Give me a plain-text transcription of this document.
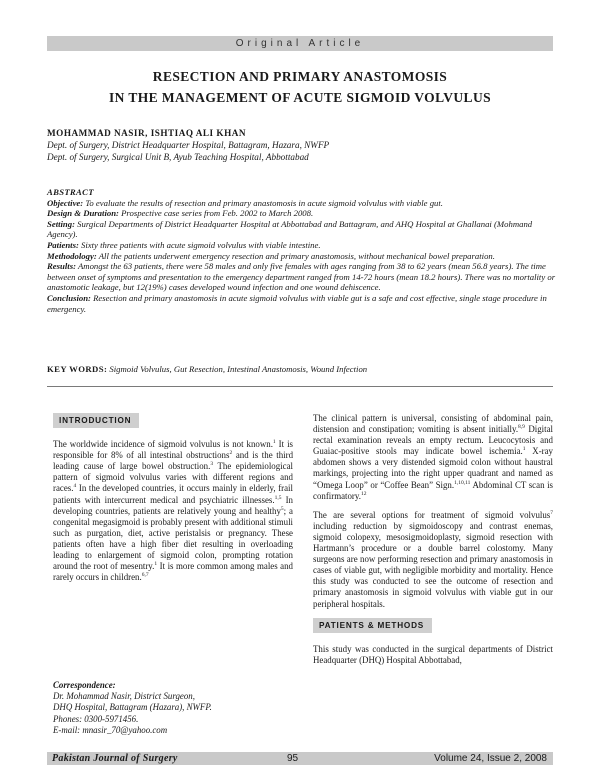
Original Article
RESECTION AND PRIMARY ANASTOMOSIS
IN THE MANAGEMENT OF ACUTE SIGMOID VOLVULUS
MOHAMMAD NASIR, ISHTIAQ ALI KHAN
Dept. of Surgery, District Headquarter Hospital, Battagram, Hazara, NWFP
Dept. of Surgery, Surgical Unit B, Ayub Teaching Hospital, Abbottabad
ABSTRACT
Objective: To evaluate the results of resection and primary anastomosis in acute sigmoid volvulus with viable gut.
Design & Duration: Prospective case series from Feb. 2002 to March 2008.
Setting: Surgical Departments of District Headquarter Hospital at Abbottabad and Battagram, and AHQ Hospital at Ghallanai (Mohmand Agency).
Patients: Sixty three patients with acute sigmoid volvulus with viable intestine.
Methodology: All the patients underwent emergency resection and primary anastomosis, without mechanical bowel preparation.
Results: Amongst the 63 patients, there were 58 males and only five females with ages ranging from 38 to 62 years (mean 56.8 years). The time between onset of symptoms and presentation to the emergency department ranged from 14-72 hours (mean 18.2 hours). There was no mortality or anastomotic leakage, but 12(19%) cases developed wound infection and one wound dehiscence.
Conclusion: Resection and primary anastomosis in acute sigmoid volvulus with viable gut is a safe and cost effective, single stage procedure in emergency.
KEY WORDS: Sigmoid Volvulus, Gut Resection, Intestinal Anastomosis, Wound Infection
INTRODUCTION

The worldwide incidence of sigmoid volvulus is not known.$^1$ It is responsible for 8% of all intestinal obstructions$^2$ and is the third leading cause of large bowel obstruction.$^3$ The epidemiological pattern of sigmoid volvulus varies with different regions and races.$^4$ In the developed countries, it occurs mainly in elderly, frail patients with intercurrent medical and psychiatric illnesses.$^{1,5}$ In developing countries, patients are relatively young and healthy$^5$; a congenital megasigmoid is probably present with additional stimuli such as purgation, diet, active peristalsis or pregnancy. These patients often have a high fiber diet resulting in overloading leading to enlargement of sigmoid colon, prompting rotation around the root of mesentry.$^1$ It is more common among males and rarely occurs in children.$^{6,7}$

Correspondence:
Dr. Mohammad Nasir, District Surgeon,
DHQ Hospital, Battagram (Hazara), NWFP.
Phones: 0300-5971456.
E-mail: mnasir_70@yahoo.com

The clinical pattern is universal, consisting of abdominal pain, distension and constipation; vomiting is absent initially.$^{8,9}$ Digital rectal examination reveals an empty rectum. Leucocytosis and Guaiac-positive stools may indicate bowel ischemia.$^1$ X-ray abdomen shows a very distended sigmoid colon without haustral markings, projecting into the right upper quadrant and named as “Omega Loop” or “Coffee Bean” Sign.$^{1,10,11}$ Abdominal CT scan is confirmatory.$^{12}$

The are several options for treatment of sigmoid volvulus$^7$ including reduction by sigmoidoscopy and contrast enemas, sigmoid colopexy, mesosigmoidoplasty, sigmoid resection with Hartmann’s procedure or a double barrel colostomy. Many surgeons are now performing resection and primary anastomosis in cases of viable gut, with negligible morbidity and mortality. Hence this study was conducted to see the outcome of resection and primary anastomosis in sigmoid volvulus with viable gut in our peripheral hospitals.

PATIENTS & METHODS

This study was conducted in the surgical departments of District Headquarter (DHQ) Hospital Abbottabad,

Pakistan Journal of Surgery	95	Volume 24, Issue 2, 2008
